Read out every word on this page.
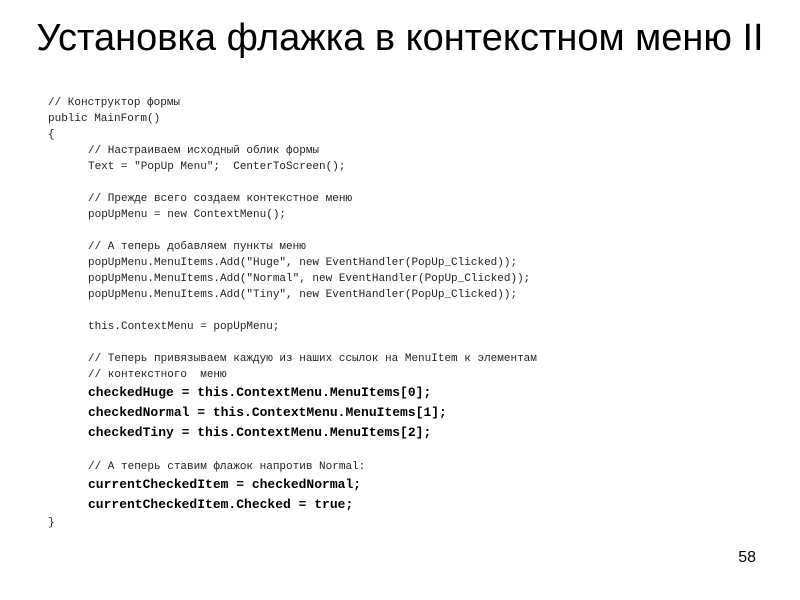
Установка флажка в контекстном меню II
// Конструктор формы
public MainForm()
{
// Настраиваем исходный облик формы
Text = "PopUp Menu";  CenterToScreen();
// Прежде всего создаем контекстное меню
popUpMenu = new ContextMenu();
// А теперь добавляем пункты меню
popUpMenu.MenuItems.Add("Huge", new EventHandler(PopUp_Clicked));
popUpMenu.MenuItems.Add("Normal", new EventHandler(PopUp_Clicked));
popUpMenu.MenuItems.Add("Tiny", new EventHandler(PopUp_Clicked));
this.ContextMenu = popUpMenu;
// Теперь привязываем каждую из наших ссылок на MenuItem к элементам
// контекстного  меню
checkedHuge = this.ContextMenu.MenuItems[0];
checkedNormal = this.ContextMenu.MenuItems[1];
checkedTiny = this.ContextMenu.MenuItems[2];
// А теперь ставим флажок напротив Normal:
currentCheckedItem = checkedNormal;
currentCheckedItem.Checked = true;
}
58
